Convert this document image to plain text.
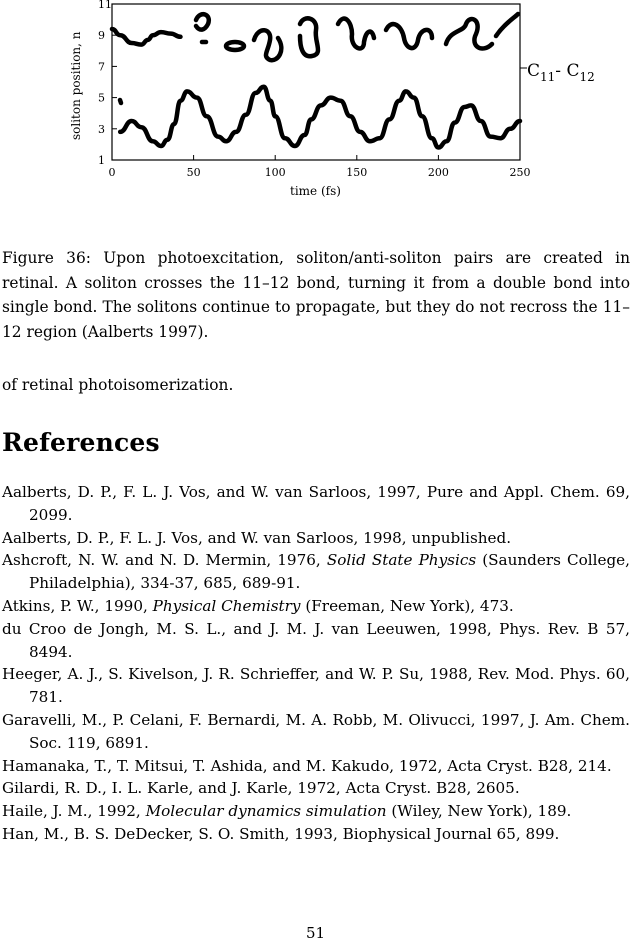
1
3
5
7
9
11
0	50	100	150	200	250
soliton position, n
time (fs)
$C_{11}-$ $C_{12}$
Figure 36: Upon photoexcitation, soliton/anti-soliton pairs are created in retinal. A soliton crosses the 11–12 bond, turning it from a double bond into single bond. The solitons continue to propagate, but they do not recross the 11–12 region (Aalberts 1997).
of retinal photoisomerization.
References

Aalberts, D. P., F. L. J. Vos, and W. van Sarloos, 1997, Pure and Appl. Chem. 69, 2099.

Aalberts, D. P., F. L. J. Vos, and W. van Sarloos, 1998, unpublished.

Ashcroft, N. W. and N. D. Mermin, 1976, Solid State Physics (Saunders College, Philadelphia), 334-37, 685, 689-91.

Atkins, P. W., 1990, Physical Chemistry (Freeman, New York), 473.

du Croo de Jongh, M. S. L., and J. M. J. van Leeuwen, 1998, Phys. Rev. B 57, 8494.

Heeger, A. J., S. Kivelson, J. R. Schrieffer, and W. P. Su, 1988, Rev. Mod. Phys. 60, 781.

Garavelli, M., P. Celani, F. Bernardi, M. A. Robb, M. Olivucci, 1997, J. Am. Chem. Soc. 119, 6891.

Hamanaka, T., T. Mitsui, T. Ashida, and M. Kakudo, 1972, Acta Cryst. B28, 214.

Gilardi, R. D., I. L. Karle, and J. Karle, 1972, Acta Cryst. B28, 2605.

Haile, J. M., 1992, Molecular dynamics simulation (Wiley, New York), 189.

Han, M., B. S. DeDecker, S. O. Smith, 1993, Biophysical Journal 65, 899.

51
